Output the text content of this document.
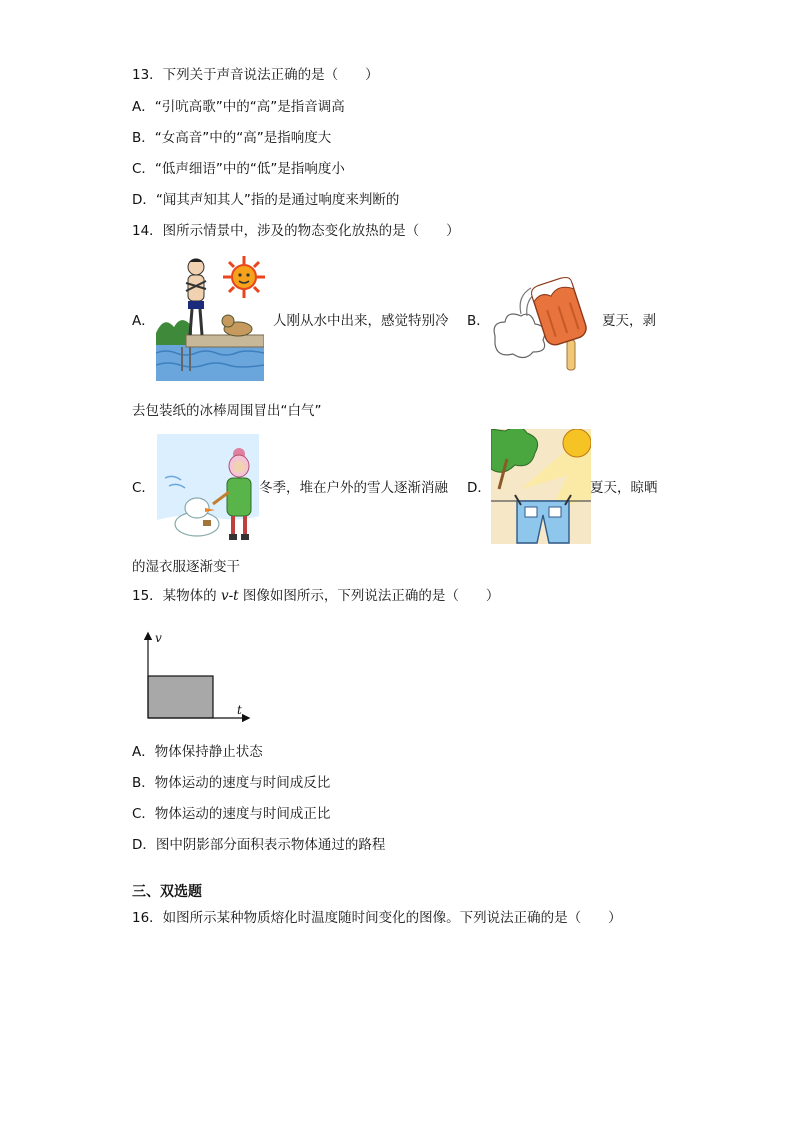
13．下列关于声音说法正确的是（　　）
A．“引吭高歌”中的“高”是指音调高
B．“女高音”中的“高”是指响度大
C．“低声细语”中的“低”是指响度小
D．“闻其声知其人”指的是通过响度来判断的
14．图所示情景中，涉及的物态变化放热的是（　　）
A．	人刚从水中出来，感觉特别冷 B．	夏天，剥
去包装纸的冰棒周围冒出“白气”
C．	冬季，堆在户外的雪人逐渐消融 D．	夏天，晾晒
的湿衣服逐渐变干
15．某物体的 v-t 图像如图所示，下列说法正确的是（　　）
v
t
A．物体保持静止状态
B．物体运动的速度与时间成反比
C．物体运动的速度与时间成正比
D．图中阴影部分面积表示物体通过的路程
三、双选题
16．如图所示某种物质熔化时温度随时间变化的图像。下列说法正确的是（　　）
